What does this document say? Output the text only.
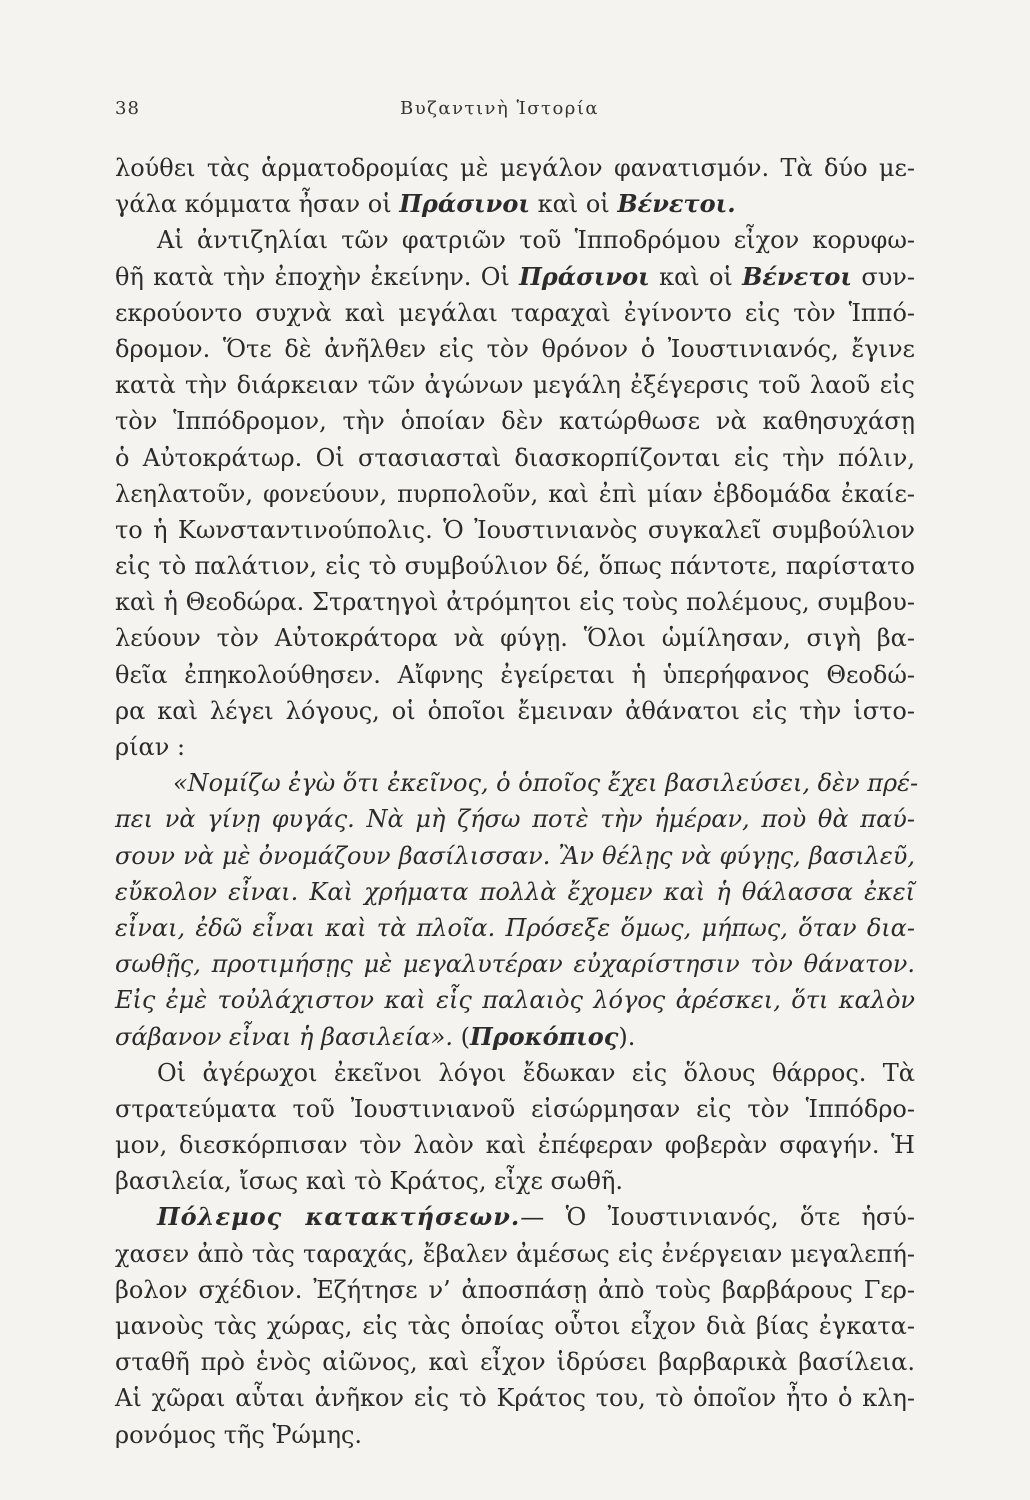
38	Βυζαντινὴ Ἱστορία
λούθει τὰς ἁρματοδρομίας μὲ μεγάλον φανατισμόν. Τὰ δύο με-
γάλα κόμματα ἦσαν οἱ Πράσινοι καὶ οἱ Βένετοι.
Αἱ ἀντιζηλίαι τῶν φατριῶν τοῦ Ἱπποδρόμου εἶχον κορυφω-
θῆ κατὰ τὴν ἐποχὴν ἐκείνην. Οἱ Πράσινοι καὶ οἱ Βένετοι συν-
εκρούοντο συχνὰ καὶ μεγάλαι ταραχαὶ ἐγίνοντο εἰς τὸν Ἱππό-
δρομον. Ὅτε δὲ ἀνῆλθεν εἰς τὸν θρόνον ὁ Ἰουστινιανός, ἔγινε
κατὰ τὴν διάρκειαν τῶν ἀγώνων μεγάλη ἐξέγερσις τοῦ λαοῦ εἰς
τὸν Ἱππόδρομον, τὴν ὁποίαν δὲν κατώρθωσε νὰ καθησυχάσῃ
ὁ Αὐτοκράτωρ. Οἱ στασιασταὶ διασκορπίζονται εἰς τὴν πόλιν,
λεηλατοῦν, φονεύουν, πυρπολοῦν, καὶ ἐπὶ μίαν ἑβδομάδα ἐκαίε-
το ἡ Κωνσταντινούπολις. Ὁ Ἰουστινιανὸς συγκαλεῖ συμβούλιον
εἰς τὸ παλάτιον, εἰς τὸ συμβούλιον δέ, ὅπως πάντοτε, παρίστατο
καὶ ἡ Θεοδώρα. Στρατηγοὶ ἀτρόμητοι εἰς τοὺς πολέμους, συμβου-
λεύουν τὸν Αὐτοκράτορα νὰ φύγῃ. Ὅλοι ὡμίλησαν, σιγὴ βα-
θεῖα ἐπηκολούθησεν. Αἴφνης ἐγείρεται ἡ ὑπερήφανος Θεοδώ-
ρα καὶ λέγει λόγους, οἱ ὁποῖοι ἔμειναν ἀθάνατοι εἰς τὴν ἱστο-
ρίαν :
«Νομίζω ἐγὼ ὅτι ἐκεῖνος, ὁ ὁποῖος ἔχει βασιλεύσει, δὲν πρέ-
πει νὰ γίνῃ φυγάς. Νὰ μὴ ζήσω ποτὲ τὴν ἡμέραν, ποὺ θὰ παύ-
σουν νὰ μὲ ὀνομάζουν βασίλισσαν. Ἂν θέλῃς νὰ φύγῃς, βασιλεῦ,
εὔκολον εἶναι. Καὶ χρήματα πολλὰ ἔχομεν καὶ ἡ θάλασσα ἐκεῖ
εἶναι, ἐδῶ εἶναι καὶ τὰ πλοῖα. Πρόσεξε ὅμως, μήπως, ὅταν δια-
σωθῇς, προτιμήσῃς μὲ μεγαλυτέραν εὐχαρίστησιν τὸν θάνατον.
Εἰς ἐμὲ τοὐλάχιστον καὶ εἷς παλαιὸς λόγος ἀρέσκει, ὅτι καλὸν
σάβανον εἶναι ἡ βασιλεία». (Προκόπιος).
Οἱ ἀγέρωχοι ἐκεῖνοι λόγοι ἔδωκαν εἰς ὅλους θάρρος. Τὰ
στρατεύματα τοῦ Ἰουστινιανοῦ εἰσώρμησαν εἰς τὸν Ἱππόδρο-
μον, διεσκόρπισαν τὸν λαὸν καὶ ἐπέφεραν φοβερὰν σφαγήν. Ἡ
βασιλεία, ἴσως καὶ τὸ Κράτος, εἶχε σωθῆ.
Πόλεμος κατακτήσεων.— Ὁ Ἰουστινιανός, ὅτε ἡσύ-
χασεν ἀπὸ τὰς ταραχάς, ἔβαλεν ἀμέσως εἰς ἐνέργειαν μεγαλεπή-
βολον σχέδιον. Ἐζήτησε ν’ ἀποσπάσῃ ἀπὸ τοὺς βαρβάρους Γερ-
μανοὺς τὰς χώρας, εἰς τὰς ὁποίας οὗτοι εἶχον διὰ βίας ἐγκατα-
σταθῆ πρὸ ἑνὸς αἰῶνος, καὶ εἶχον ἱδρύσει βαρβαρικὰ βασίλεια.
Αἱ χῶραι αὗται ἀνῆκον εἰς τὸ Κράτος του, τὸ ὁποῖον ἦτο ὁ κλη-
ρονόμος τῆς Ῥώμης.
